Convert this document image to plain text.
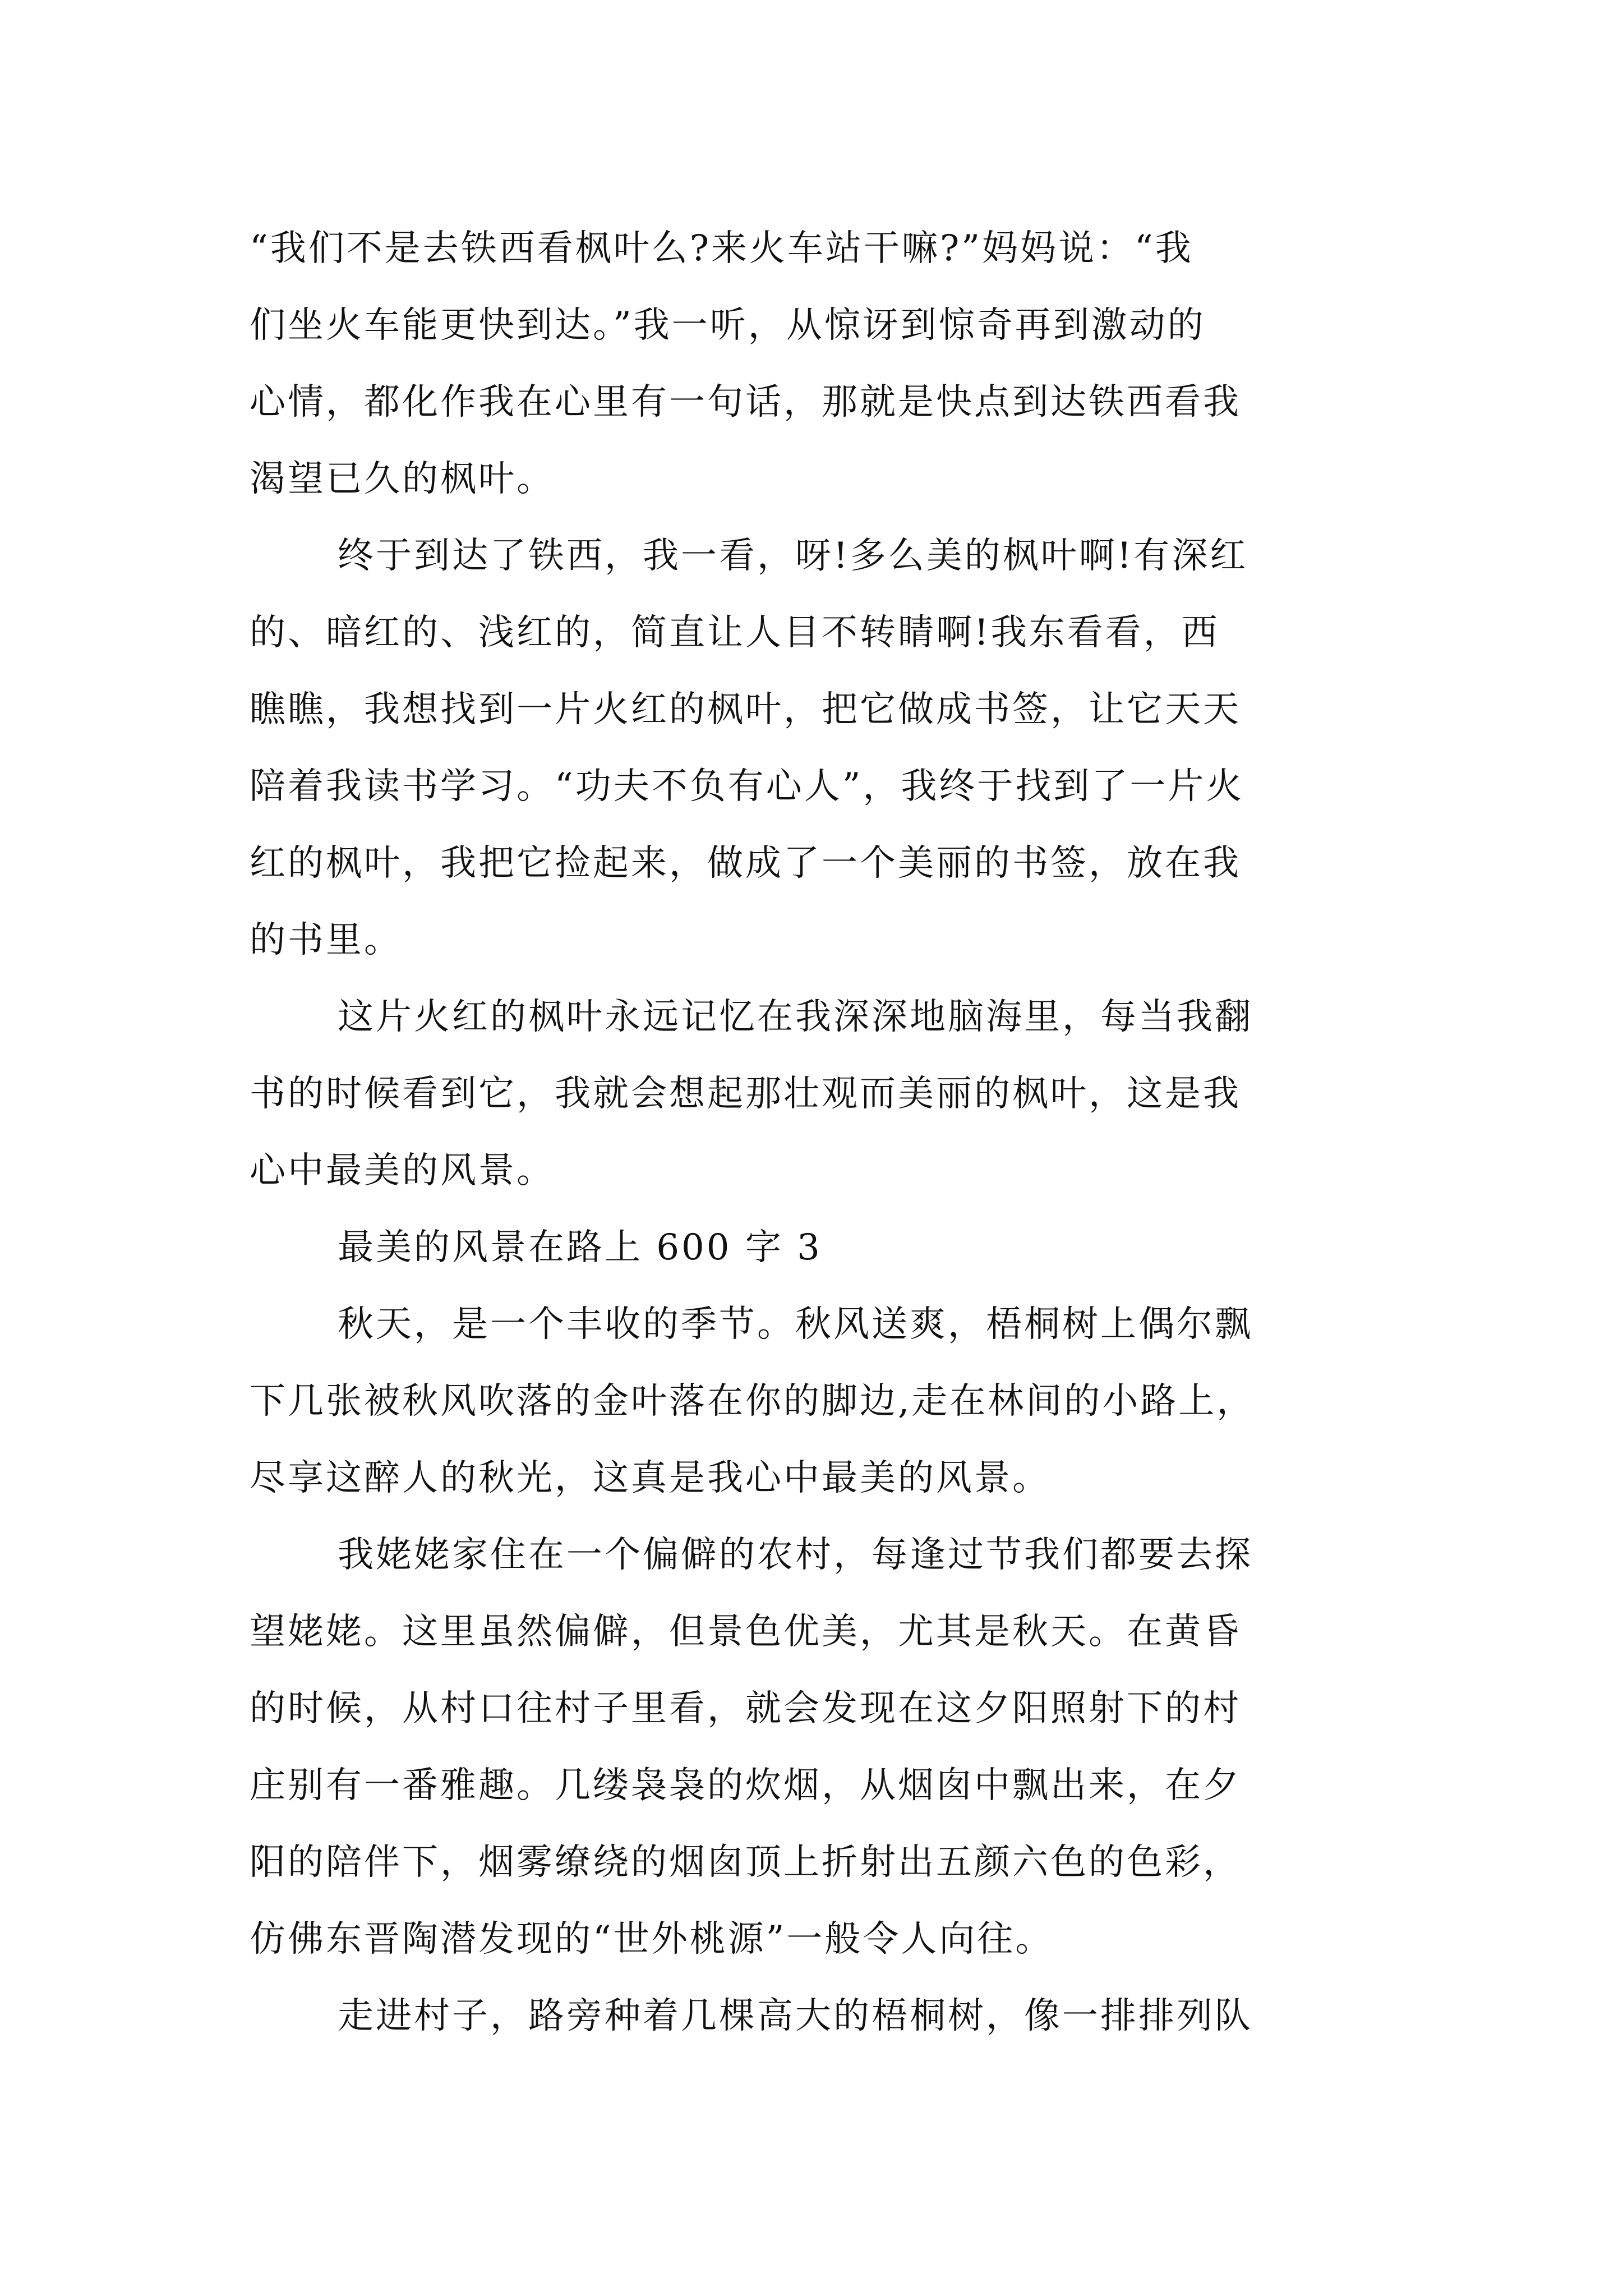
“我们不是去铁西看枫叶么?来火车站干嘛?”妈妈说：“我
们坐火车能更快到达。”我一听，从惊讶到惊奇再到激动的
心情，都化作我在心里有一句话，那就是快点到达铁西看我
渴望已久的枫叶。
终于到达了铁西，我一看，呀!多么美的枫叶啊!有深红
的、暗红的、浅红的，简直让人目不转睛啊!我东看看，西
瞧瞧，我想找到一片火红的枫叶，把它做成书签，让它天天
陪着我读书学习。“功夫不负有心人”，我终于找到了一片火
红的枫叶，我把它捡起来，做成了一个美丽的书签，放在我
的书里。
这片火红的枫叶永远记忆在我深深地脑海里，每当我翻
书的时候看到它，我就会想起那壮观而美丽的枫叶，这是我
心中最美的风景。
最美的风景在路上 600 字 3
秋天，是一个丰收的季节。秋风送爽，梧桐树上偶尔飘
下几张被秋风吹落的金叶落在你的脚边,走在林间的小路上，
尽享这醉人的秋光，这真是我心中最美的风景。
我姥姥家住在一个偏僻的农村，每逢过节我们都要去探
望姥姥。这里虽然偏僻，但景色优美，尤其是秋天。在黄昏
的时候，从村口往村子里看，就会发现在这夕阳照射下的村
庄别有一番雅趣。几缕袅袅的炊烟，从烟囱中飘出来，在夕
阳的陪伴下，烟雾缭绕的烟囱顶上折射出五颜六色的色彩，
仿佛东晋陶潜发现的“世外桃源”一般令人向往。
走进村子，路旁种着几棵高大的梧桐树，像一排排列队
